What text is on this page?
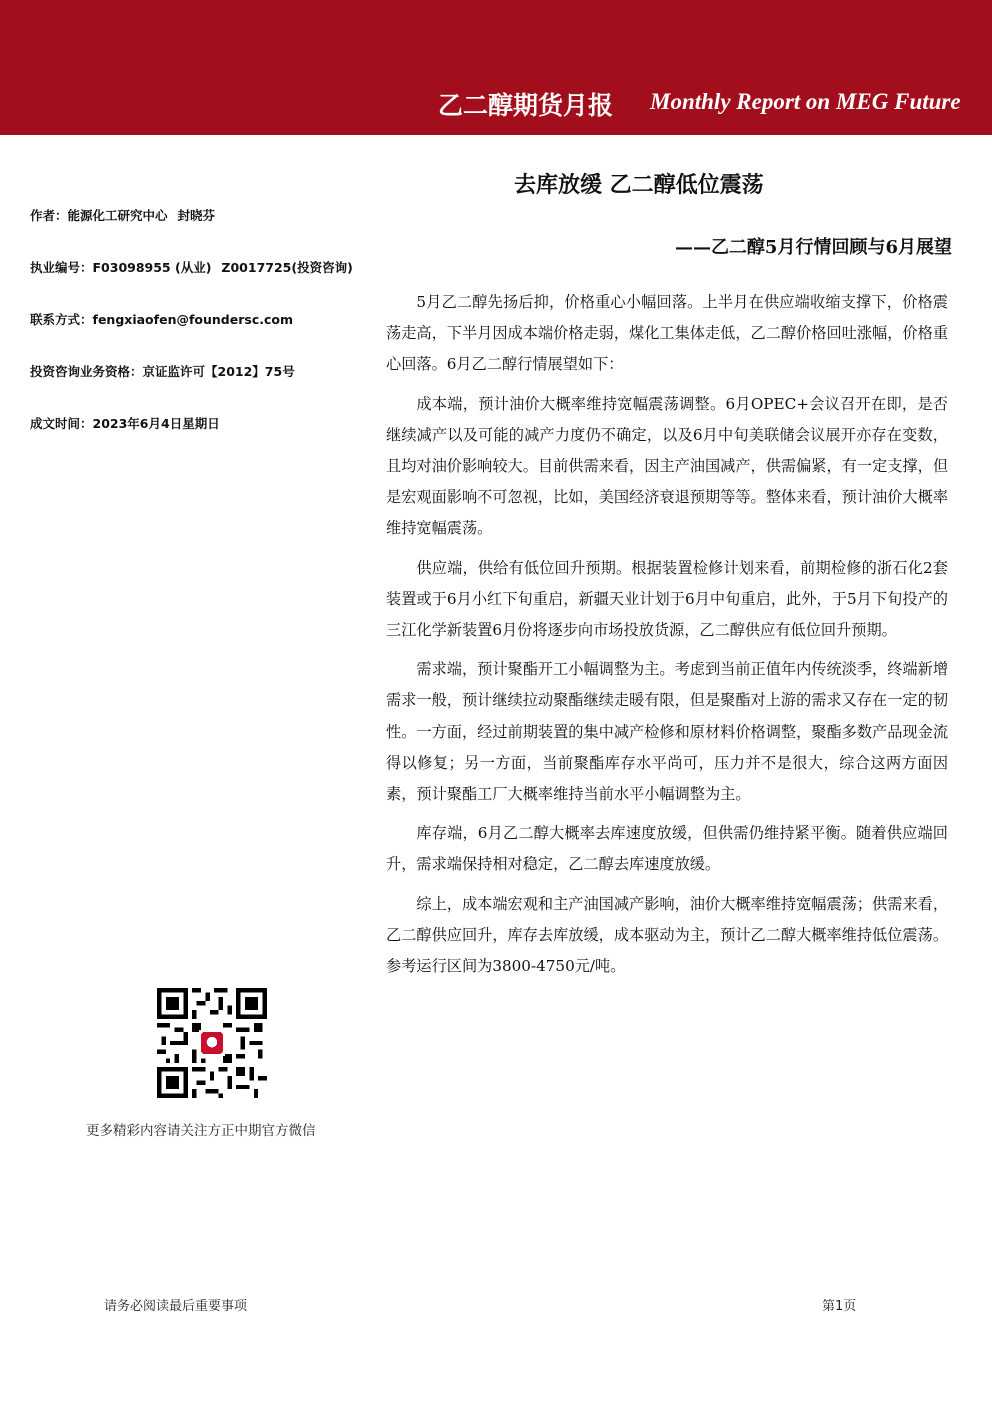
乙二醇期货月报 Monthly Report on MEG Future
作者：能源化工研究中心 封晓芬
执业编号：F03098955 (从业) Z0017725(投资咨询)
联系方式：fengxiaofen@foundersc.com
投资咨询业务资格：京证监许可【2012】75号
成文时间：2023年6月4日星期日
去库放缓 乙二醇低位震荡
——乙二醇5月行情回顾与6月展望

5月乙二醇先扬后抑，价格重心小幅回落。上半月在供应端收缩支撑下，价格震荡走高，下半月因成本端价格走弱，煤化工集体走低，乙二醇价格回吐涨幅，价格重心回落。6月乙二醇行情展望如下：

成本端，预计油价大概率维持宽幅震荡调整。6月OPEC+会议召开在即，是否继续减产以及可能的减产力度仍不确定，以及6月中旬美联储会议展开亦存在变数，且均对油价影响较大。目前供需来看，因主产油国减产，供需偏紧，有一定支撑，但是宏观面影响不可忽视，比如，美国经济衰退预期等等。整体来看，预计油价大概率维持宽幅震荡。

供应端，供给有低位回升预期。根据装置检修计划来看，前期检修的浙石化2套装置或于6月小红下旬重启，新疆天业计划于6月中旬重启，此外，于5月下旬投产的三江化学新装置6月份将逐步向市场投放货源，乙二醇供应有低位回升预期。

需求端，预计聚酯开工小幅调整为主。考虑到当前正值年内传统淡季，终端新增需求一般，预计继续拉动聚酯继续走暖有限，但是聚酯对上游的需求又存在一定的韧性。一方面，经过前期装置的集中减产检修和原材料价格调整，聚酯多数产品现金流得以修复；另一方面，当前聚酯库存水平尚可，压力并不是很大，综合这两方面因素，预计聚酯工厂大概率维持当前水平小幅调整为主。

库存端，6月乙二醇大概率去库速度放缓，但供需仍维持紧平衡。随着供应端回升，需求端保持相对稳定，乙二醇去库速度放缓。

综上，成本端宏观和主产油国减产影响，油价大概率维持宽幅震荡；供需来看，乙二醇供应回升，库存去库放缓，成本驱动为主，预计乙二醇大概率维持低位震荡。参考运行区间为3800-4750元/吨。

更多精彩内容请关注方正中期官方微信
请务必阅读最后重要事项	第1页
